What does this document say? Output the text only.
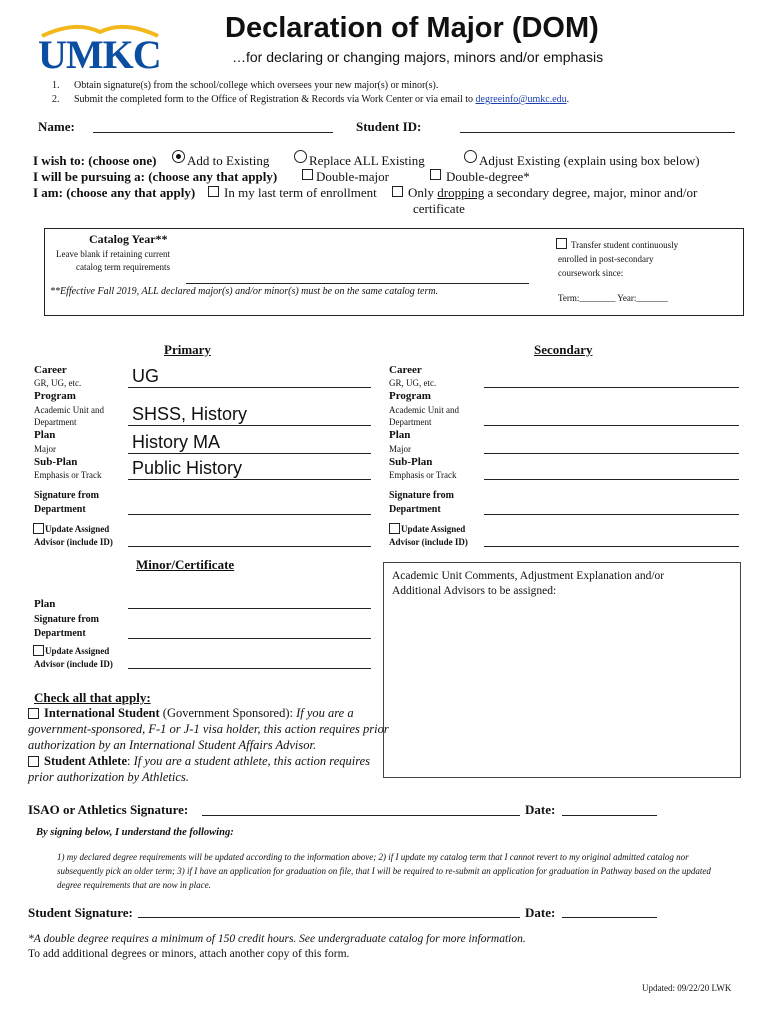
UMKC
Declaration of Major (DOM)
…for declaring or changing majors, minors and/or emphasis
1. Obtain signature(s) from the school/college which oversees your new major(s) or minor(s).
2. Submit the completed form to the Office of Registration & Records via Work Center or via email to degreeinfo@umkc.edu.
Name:	Student ID:
I wish to: (choose one) Add to Existing	Replace ALL Existing	Adjust Existing (explain using box below)
I will be pursuing a: (choose any that apply)	Double-major	Double-degree*
I am: (choose any that apply) In my last term of enrollment Only dropping a secondary degree, major, minor and/or
certificate
Catalog Year**
Leave blank if retaining current
catalog term requirements
**Effective Fall 2019, ALL declared major(s) and/or minor(s) must be on the same catalog term.
Transfer student continuously
enrolled in post-secondary
coursework since:
Term:________ Year:_______
Primary
Career
GR, UG, etc.	UG
Program
Academic Unit and
Department	SHSS, History
Plan
Major	History MA
Sub-Plan
Emphasis or Track Public History
Signature from
Department
Update Assigned
Advisor (include ID)
Secondary
Career
GR, UG, etc.
Program
Academic Unit and
Department
Plan
Major
Sub-Plan
Emphasis or Track
Signature from
Department
Update Assigned
Advisor (include ID)
Minor/Certificate
Plan
Signature from
Department
Update Assigned
Advisor (include ID)
Academic Unit Comments, Adjustment Explanation and/or
Additional Advisors to be assigned:
Check all that apply:
International Student (Government Sponsored): If you are a
government-sponsored, F-1 or J-1 visa holder, this action requires prior
authorization by an International Student Affairs Advisor.
Student Athlete: If you are a student athlete, this action requires
prior authorization by Athletics.
ISAO or Athletics Signature:	Date:
By signing below, I understand the following:
1) my declared degree requirements will be updated according to the information above; 2) if I update my catalog term that I cannot revert to my original admitted catalog nor
subsequently pick an older term; 3) if I have an application for graduation on file, that I will be required to re-submit an application for graduation in Pathway based on the updated
degree requirements that are now in place.
Student Signature:	Date:
*A double degree requires a minimum of 150 credit hours. See undergraduate catalog for more information.
To add additional degrees or minors, attach another copy of this form.
Updated: 09/22/20 LWK
